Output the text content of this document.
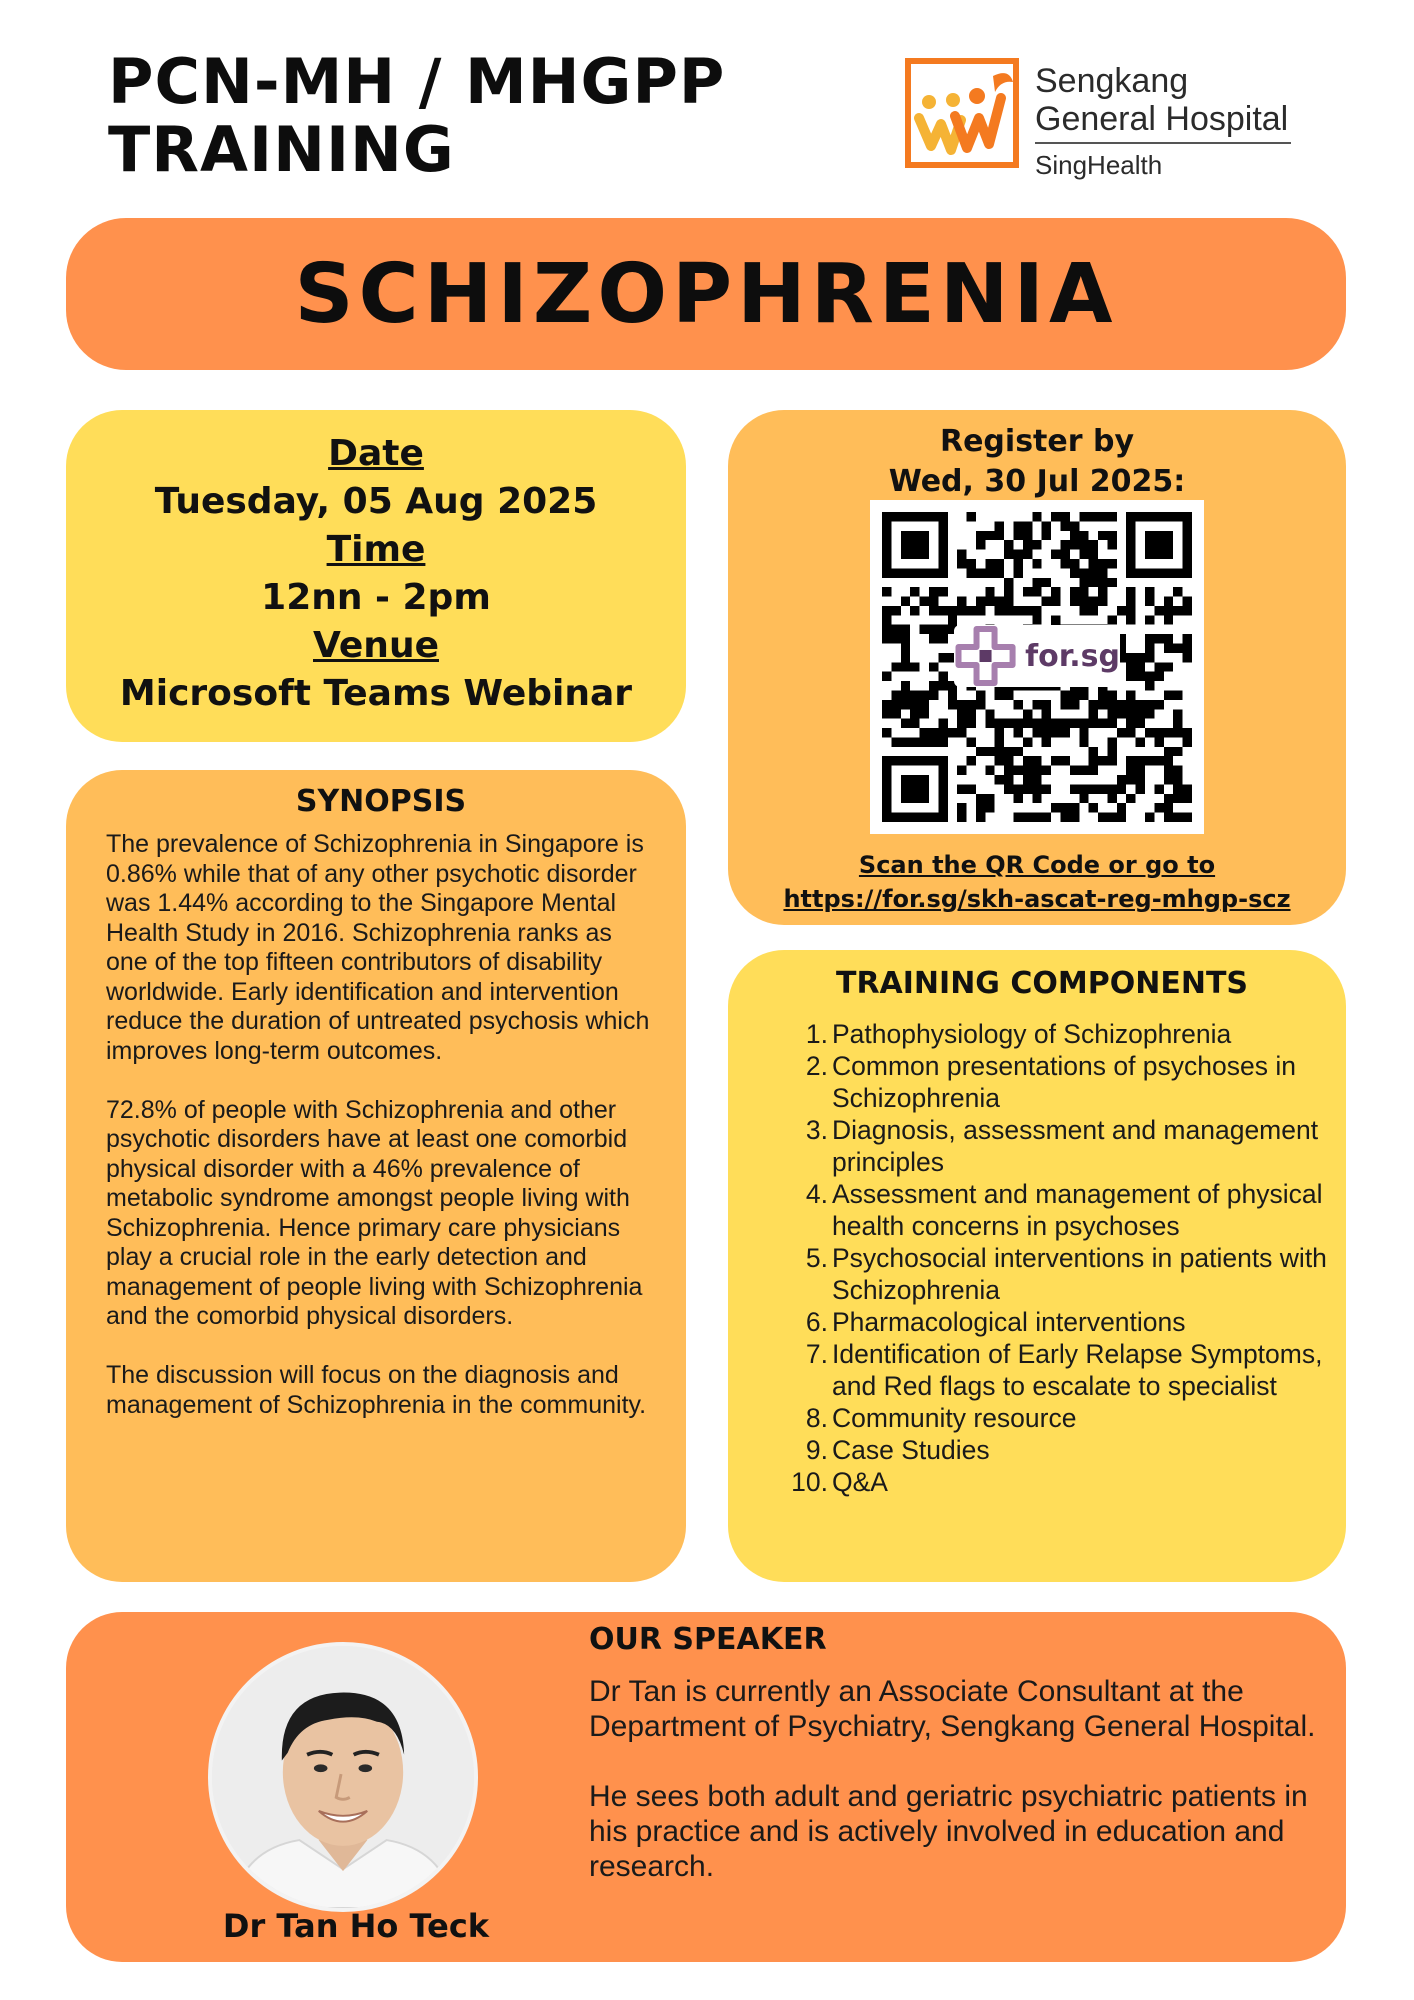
PCN-MH / MHGPP
TRAINING
Sengkang
General Hospital
SingHealth
SCHIZOPHRENIA
Date
Tuesday, 05 Aug 2025
Time
12nn - 2pm
Venue
Microsoft Teams Webinar
Register by
Wed, 30 Jul 2025:
for.sg
Scan the QR Code or go to
https://for.sg/skh-ascat-reg-mhgp-scz
SYNOPSIS

The prevalence of Schizophrenia in Singapore is 0.86% while that of any other psychotic disorder was 1.44% according to the Singapore Mental Health Study in 2016. Schizophrenia ranks as one of the top fifteen contributors of disability worldwide. Early identification and intervention reduce the duration of untreated psychosis which improves long-term outcomes.

72.8% of people with Schizophrenia and other psychotic disorders have at least one comorbid physical disorder with a 46% prevalence of metabolic syndrome amongst people living with Schizophrenia. Hence primary care physicians play a crucial role in the early detection and management of people living with Schizophrenia and the comorbid physical disorders.

The discussion will focus on the diagnosis and management of Schizophrenia in the community.

TRAINING COMPONENTS
1. Pathophysiology of Schizophrenia
2. Common presentations of psychoses in Schizophrenia
3. Diagnosis, assessment and management principles
4. Assessment and management of physical health concerns in psychoses
5. Psychosocial interventions in patients with Schizophrenia
6. Pharmacological interventions
7. Identification of Early Relapse Symptoms, and Red flags to escalate to specialist
8. Community resource
9. Case Studies
10. Q&A
Dr Tan Ho Teck
OUR SPEAKER

Dr Tan is currently an Associate Consultant at the Department of Psychiatry, Sengkang General Hospital.

He sees both adult and geriatric psychiatric patients in his practice and is actively involved in education and research.
